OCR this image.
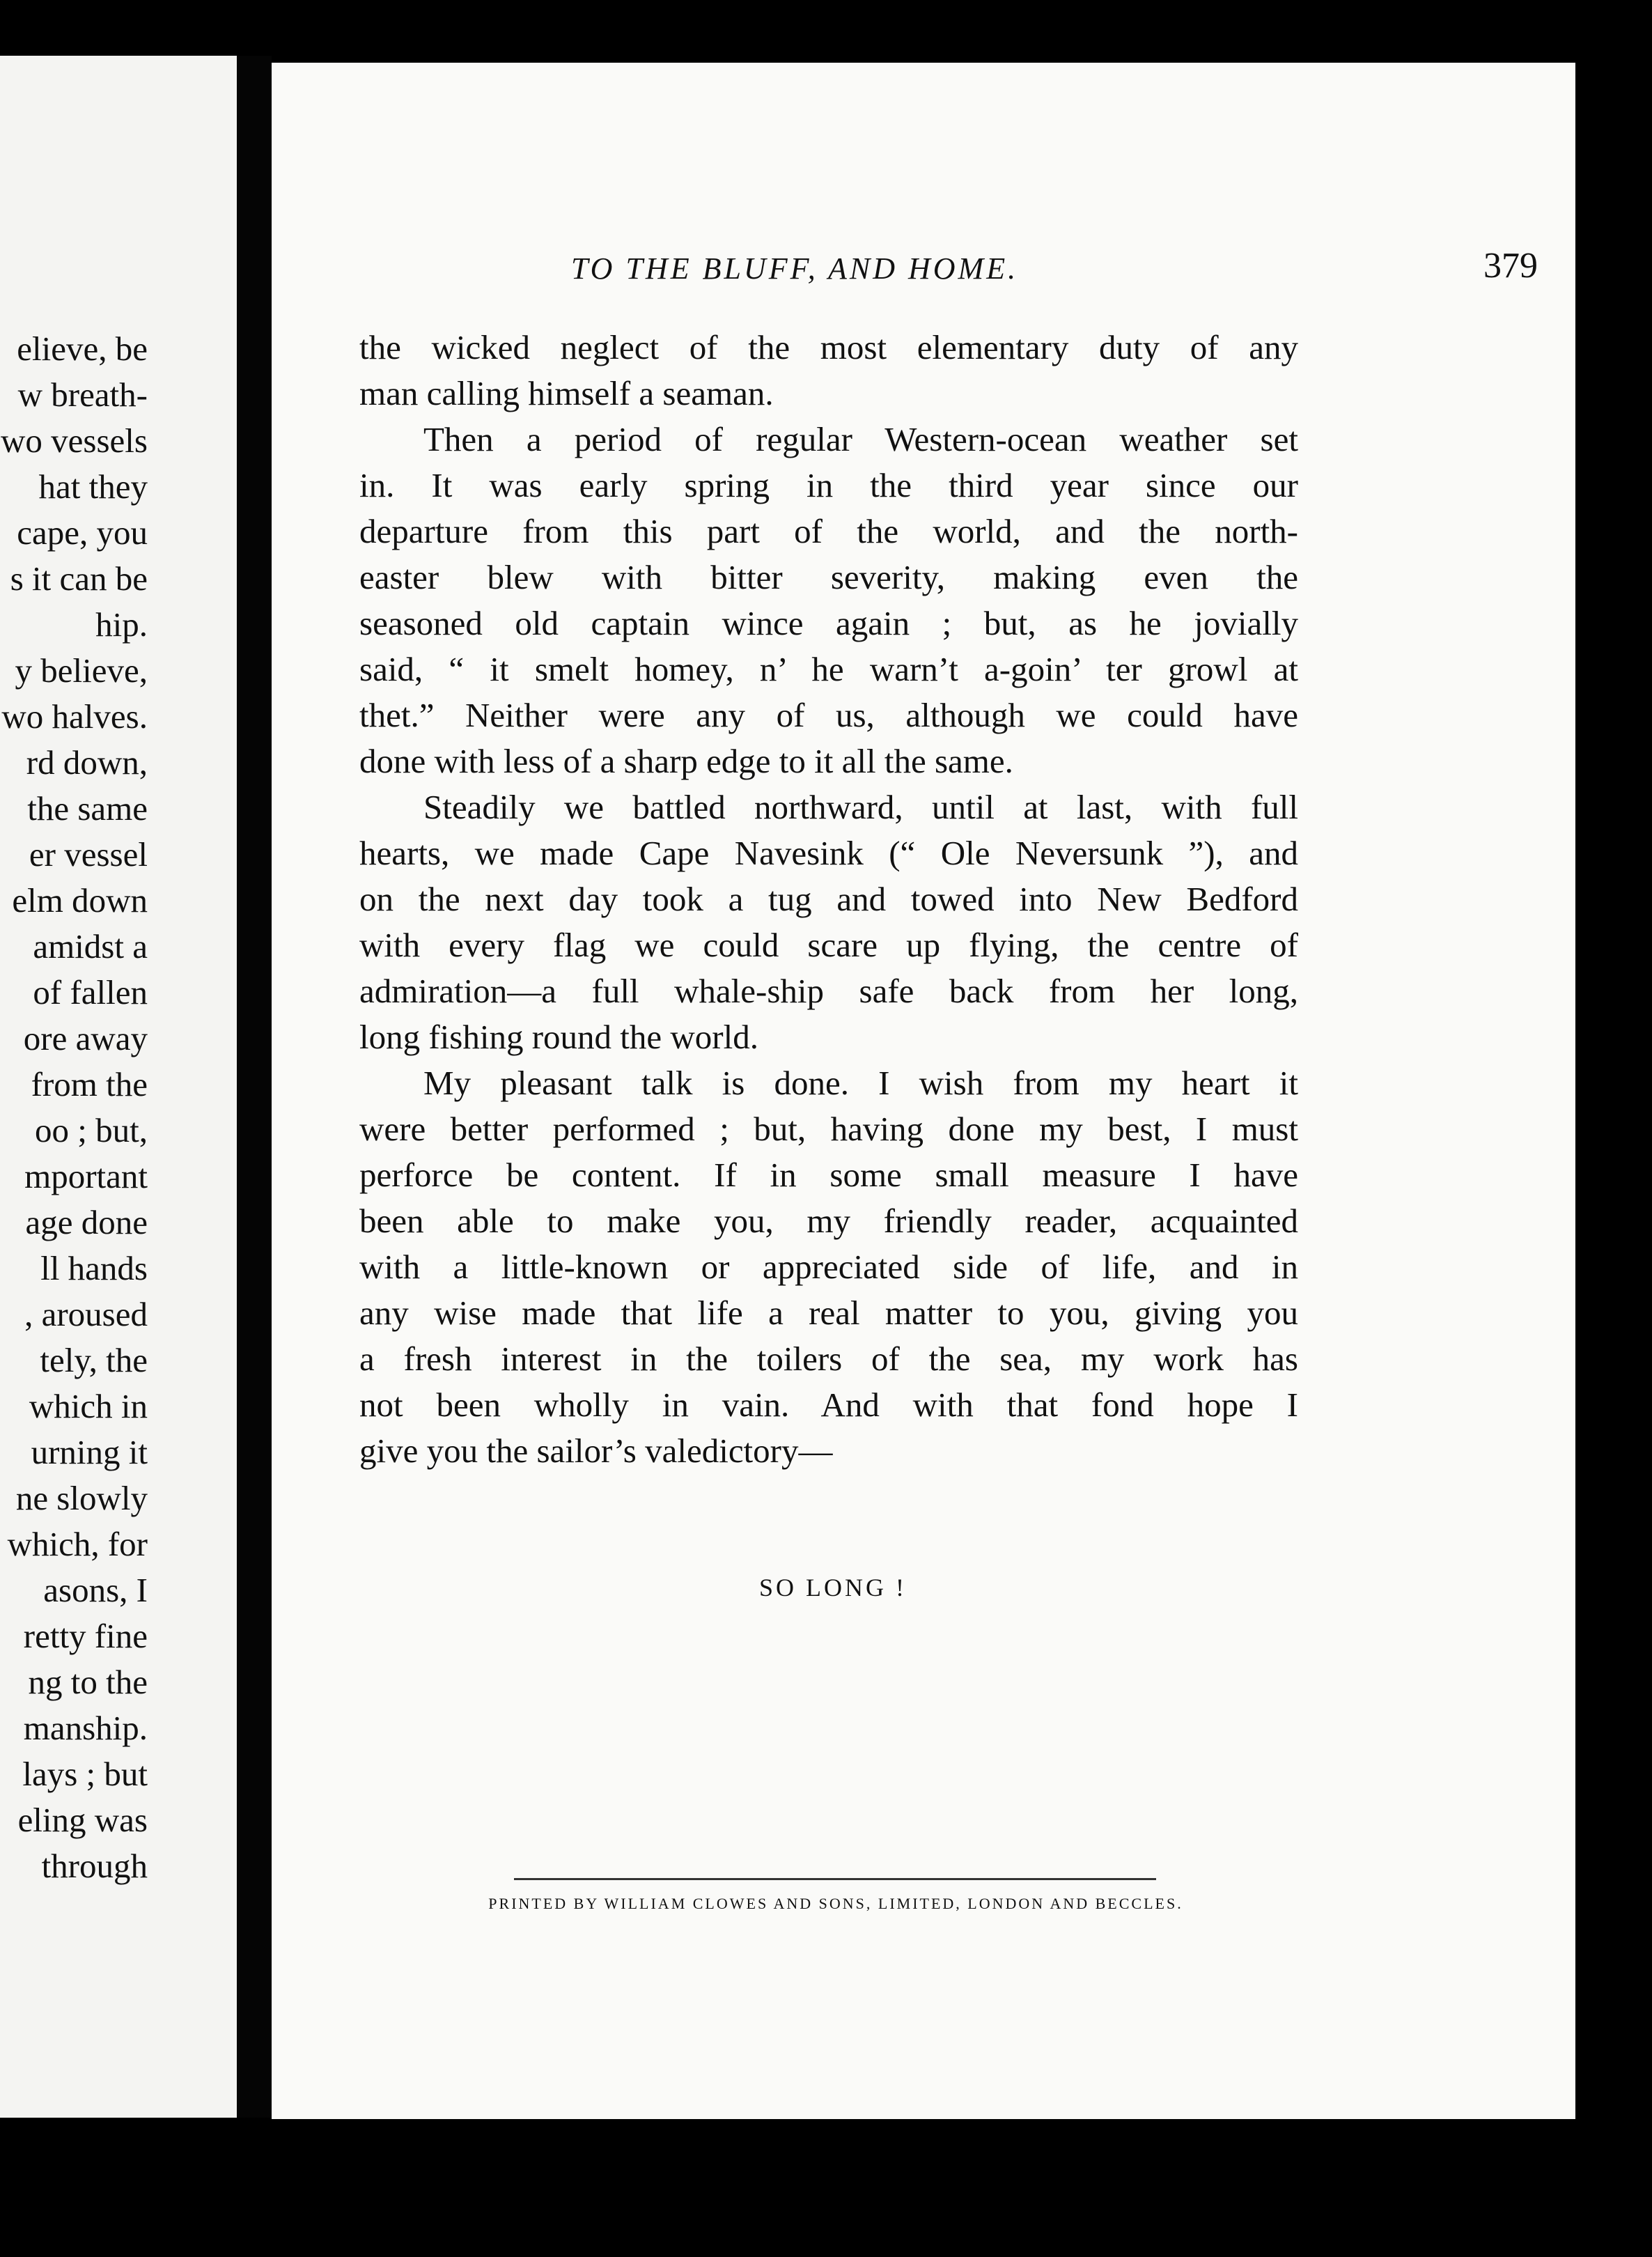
elieve, be
w breath-
wo vessels
hat they
cape, you
s it can be
hip.
y believe,
wo halves.
rd down,
the same
er vessel
elm down
amidst a
of fallen
ore away
from the
oo ; but,
mportant
age done
ll hands
, aroused
tely, the
which in
urning it
ne slowly
which, for
asons, I
retty fine
ng to the
manship.
lays ; but
eling was
through
TO THE BLUFF, AND HOME.	379
the wicked neglect of the most elementary duty of any
man calling himself a seaman.
Then a period of regular Western-ocean weather set
in. It was early spring in the third year since our
departure from this part of the world, and the north-
easter blew with bitter severity, making even the
seasoned old captain wince again ; but, as he jovially
said, “ it smelt homey, n’ he warn’t a-goin’ ter growl at
thet.” Neither were any of us, although we could have
done with less of a sharp edge to it all the same.
Steadily we battled northward, until at last, with full
hearts, we made Cape Navesink (“ Ole Neversunk ”), and
on the next day took a tug and towed into New Bedford
with every flag we could scare up flying, the centre of
admiration—a full whale-ship safe back from her long,
long fishing round the world.
My pleasant talk is done. I wish from my heart it
were better performed ; but, having done my best, I must
perforce be content. If in some small measure I have
been able to make you, my friendly reader, acquainted
with a little-known or appreciated side of life, and in
any wise made that life a real matter to you, giving you
a fresh interest in the toilers of the sea, my work has
not been wholly in vain. And with that fond hope I
give you the sailor’s valedictory—
SO LONG !
PRINTED BY WILLIAM CLOWES AND SONS, LIMITED, LONDON AND BECCLES.
